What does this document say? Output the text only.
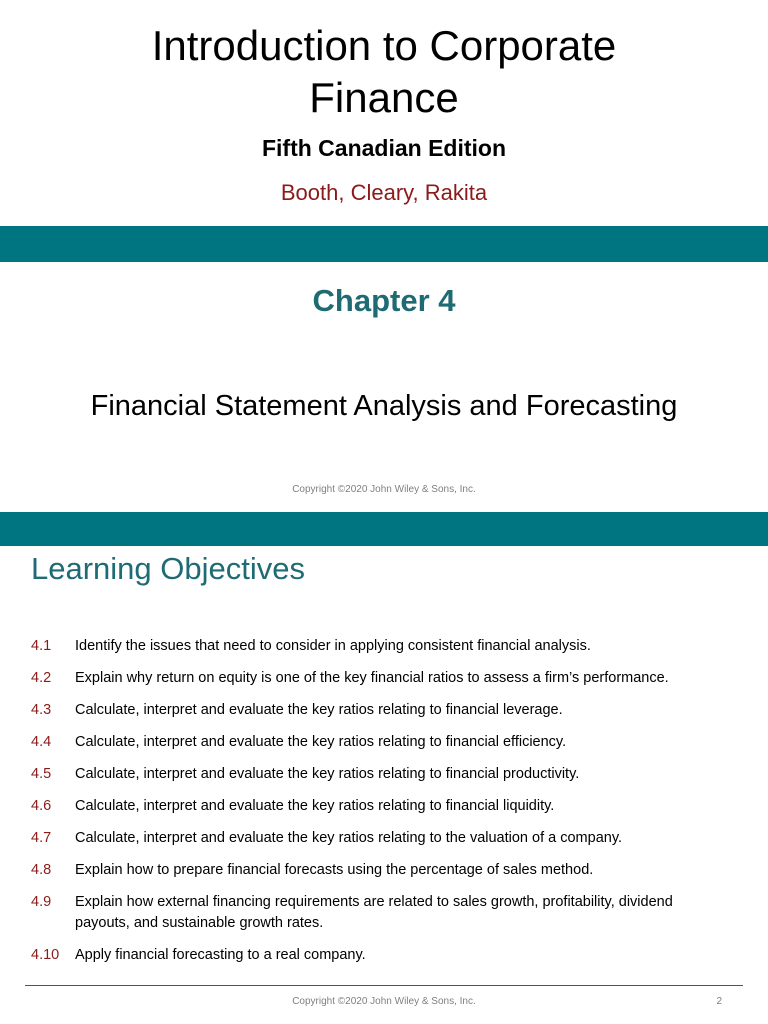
Introduction to Corporate
Finance
Fifth Canadian Edition
Booth, Cleary, Rakita
Chapter 4
Financial Statement Analysis and Forecasting
Copyright ©2020 John Wiley & Sons, Inc.
Learning Objectives
4.1 Identify the issues that need to consider in applying consistent financial analysis.
4.2 Explain why return on equity is one of the key financial ratios to assess a firm’s performance.
4.3 Calculate, interpret and evaluate the key ratios relating to financial leverage.
4.4 Calculate, interpret and evaluate the key ratios relating to financial efficiency.
4.5 Calculate, interpret and evaluate the key ratios relating to financial productivity.
4.6 Calculate, interpret and evaluate the key ratios relating to financial liquidity.
4.7 Calculate, interpret and evaluate the key ratios relating to the valuation of a company.
4.8 Explain how to prepare financial forecasts using the percentage of sales method.
4.9 Explain how external financing requirements are related to sales growth, profitability, dividend payouts, and sustainable growth rates.
4.10 Apply financial forecasting to a real company.
Copyright ©2020 John Wiley & Sons, Inc.	2
